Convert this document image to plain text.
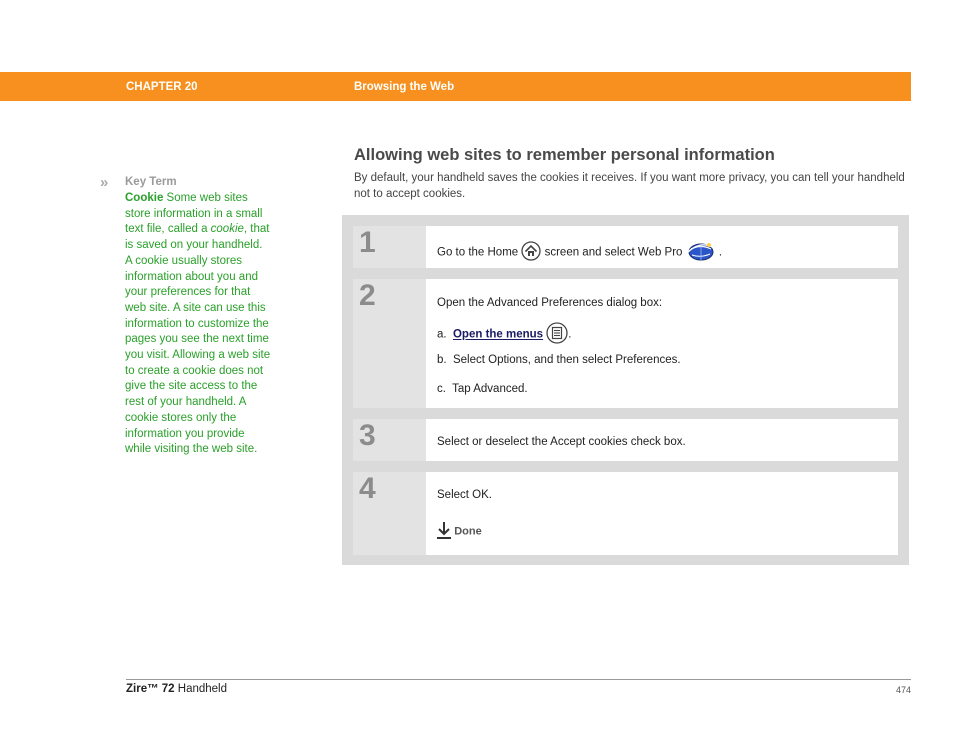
CHAPTER 20	Browsing the Web
» Key Term
Cookie Some web sites store information in a small text file, called a cookie, that is saved on your handheld. A cookie usually stores information about you and your preferences for that web site. A site can use this information to customize the pages you see the next time you visit. Allowing a web site to create a cookie does not give the site access to the rest of your handheld. A cookie stores only the information you provide while visiting the web site.
Allowing web sites to remember personal information
By default, your handheld saves the cookies it receives. If you want more privacy, you can tell your handheld not to accept cookies.
1	Go to the Home screen and select Web Pro	.
2	Open the Advanced Preferences dialog box:
a. Open the menus .
b. Select Options, and then select Preferences.
c. Tap Advanced.
3	Select or deselect the Accept cookies check box.
4	Select OK.
Done
Zire™ 72 Handheld	474
